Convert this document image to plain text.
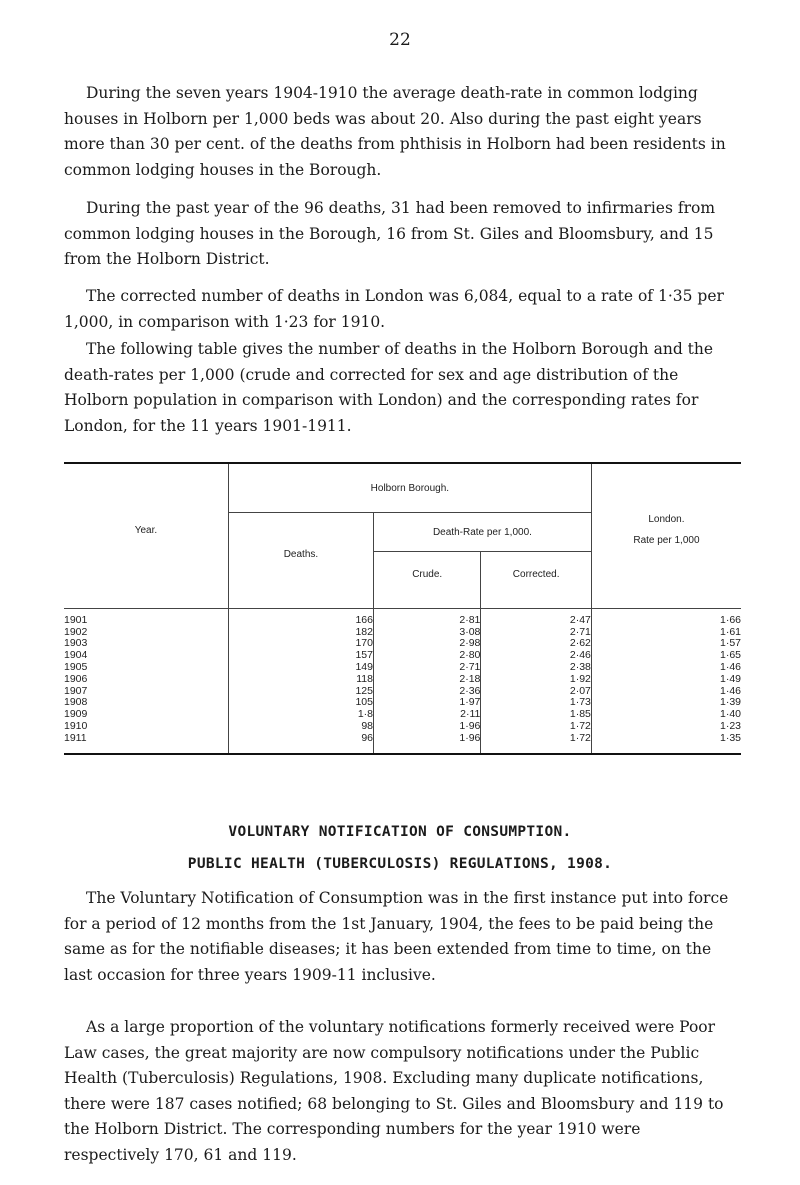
22

During the seven years 1904-1910 the average death-rate in common lodging houses in Holborn per 1,000 beds was about 20. Also during the past eight years more than 30 per cent. of the deaths from phthisis in Holborn had been residents in common lodging houses in the Borough.

During the past year of the 96 deaths, 31 had been removed to infirmaries from common lodging houses in the Borough, 16 from St. Giles and Bloomsbury, and 15 from the Holborn District.

The corrected number of deaths in London was 6,084, equal to a rate of 1·35 per 1,000, in comparison with 1·23 for 1910.

The following table gives the number of deaths in the Holborn Borough and the death-rates per 1,000 (crude and corrected for sex and age distribution of the Holborn population in comparison with London) and the corresponding rates for London, for the 11 years 1901-1911.

Year.	Holborn Borough.			London.
Rate per 1,000

	Deaths.	Death-Rate per 1,000.		
		Crude.	Corrected.	

1901	166	2·81	2·47	1·66
1902	182	3·08	2·71	1·61
1903	170	2·98	2·62	1·57
1904	157	2·80	2·46	1·65
1905	149	2·71	2·38	1·46
1906	118	2·18	1·92	1·49
1907	125	2·36	2·07	1·46
1908	105	1·97	1·73	1·39
1909	1·8	2·11	1·85	1·40
1910	98	1·96	1·72	1·23
1911	96	1·96	1·72	1·35
VOLUNTARY NOTIFICATION OF CONSUMPTION.
PUBLIC HEALTH (TUBERCULOSIS) REGULATIONS, 1908.

The Voluntary Notification of Consumption was in the first instance put into force for a period of 12 months from the 1st January, 1904, the fees to be paid being the same as for the notifiable diseases; it has been extended from time to time, on the last occasion for three years 1909-11 inclusive.

As a large proportion of the voluntary notifications formerly received were Poor Law cases, the great majority are now compulsory notifications under the Public Health (Tuberculosis) Regulations, 1908. Excluding many duplicate notifications, there were 187 cases notified; 68 belonging to St. Giles and Bloomsbury and 119 to the Holborn District. The corresponding numbers for the year 1910 were respectively 170, 61 and 119.
